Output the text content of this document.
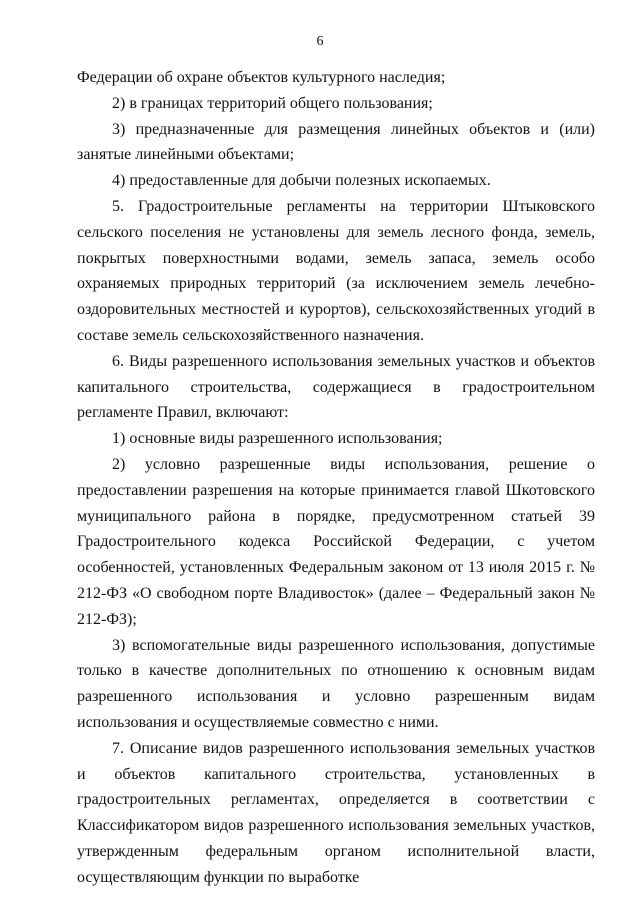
6

Федерации об охране объектов культурного наследия;

2) в границах территорий общего пользования;

3) предназначенные для размещения линейных объектов и (или) занятые линейными объектами;

4) предоставленные для добычи полезных ископаемых.

5. Градостроительные регламенты на территории Штыковского сельского поселения не установлены для земель лесного фонда, земель, покрытых поверхностными водами, земель запаса, земель особо охраняемых природных территорий (за исключением земель лечебно-оздоровительных местностей и курортов), сельскохозяйственных угодий в составе земель сельскохозяйственного назначения.

6. Виды разрешенного использования земельных участков и объектов капитального строительства, содержащиеся в градостроительном регламенте Правил, включают:

1) основные виды разрешенного использования;

2) условно разрешенные виды использования, решение о предоставлении разрешения на которые принимается главой Шкотовского муниципального района в порядке, предусмотренном статьей 39 Градостроительного кодекса Российской Федерации, с учетом особенностей, установленных Федеральным законом от 13 июля 2015 г. № 212-ФЗ «О свободном порте Владивосток» (далее – Федеральный закон № 212-ФЗ);

3) вспомогательные виды разрешенного использования, допустимые только в качестве дополнительных по отношению к основным видам разрешенного использования и условно разрешенным видам использования и осуществляемые совместно с ними.

7. Описание видов разрешенного использования земельных участков и объектов капитального строительства, установленных в градостроительных регламентах, определяется в соответствии с Классификатором видов разрешенного использования земельных участков, утвержденным федеральным органом исполнительной власти, осуществляющим функции по выработке
